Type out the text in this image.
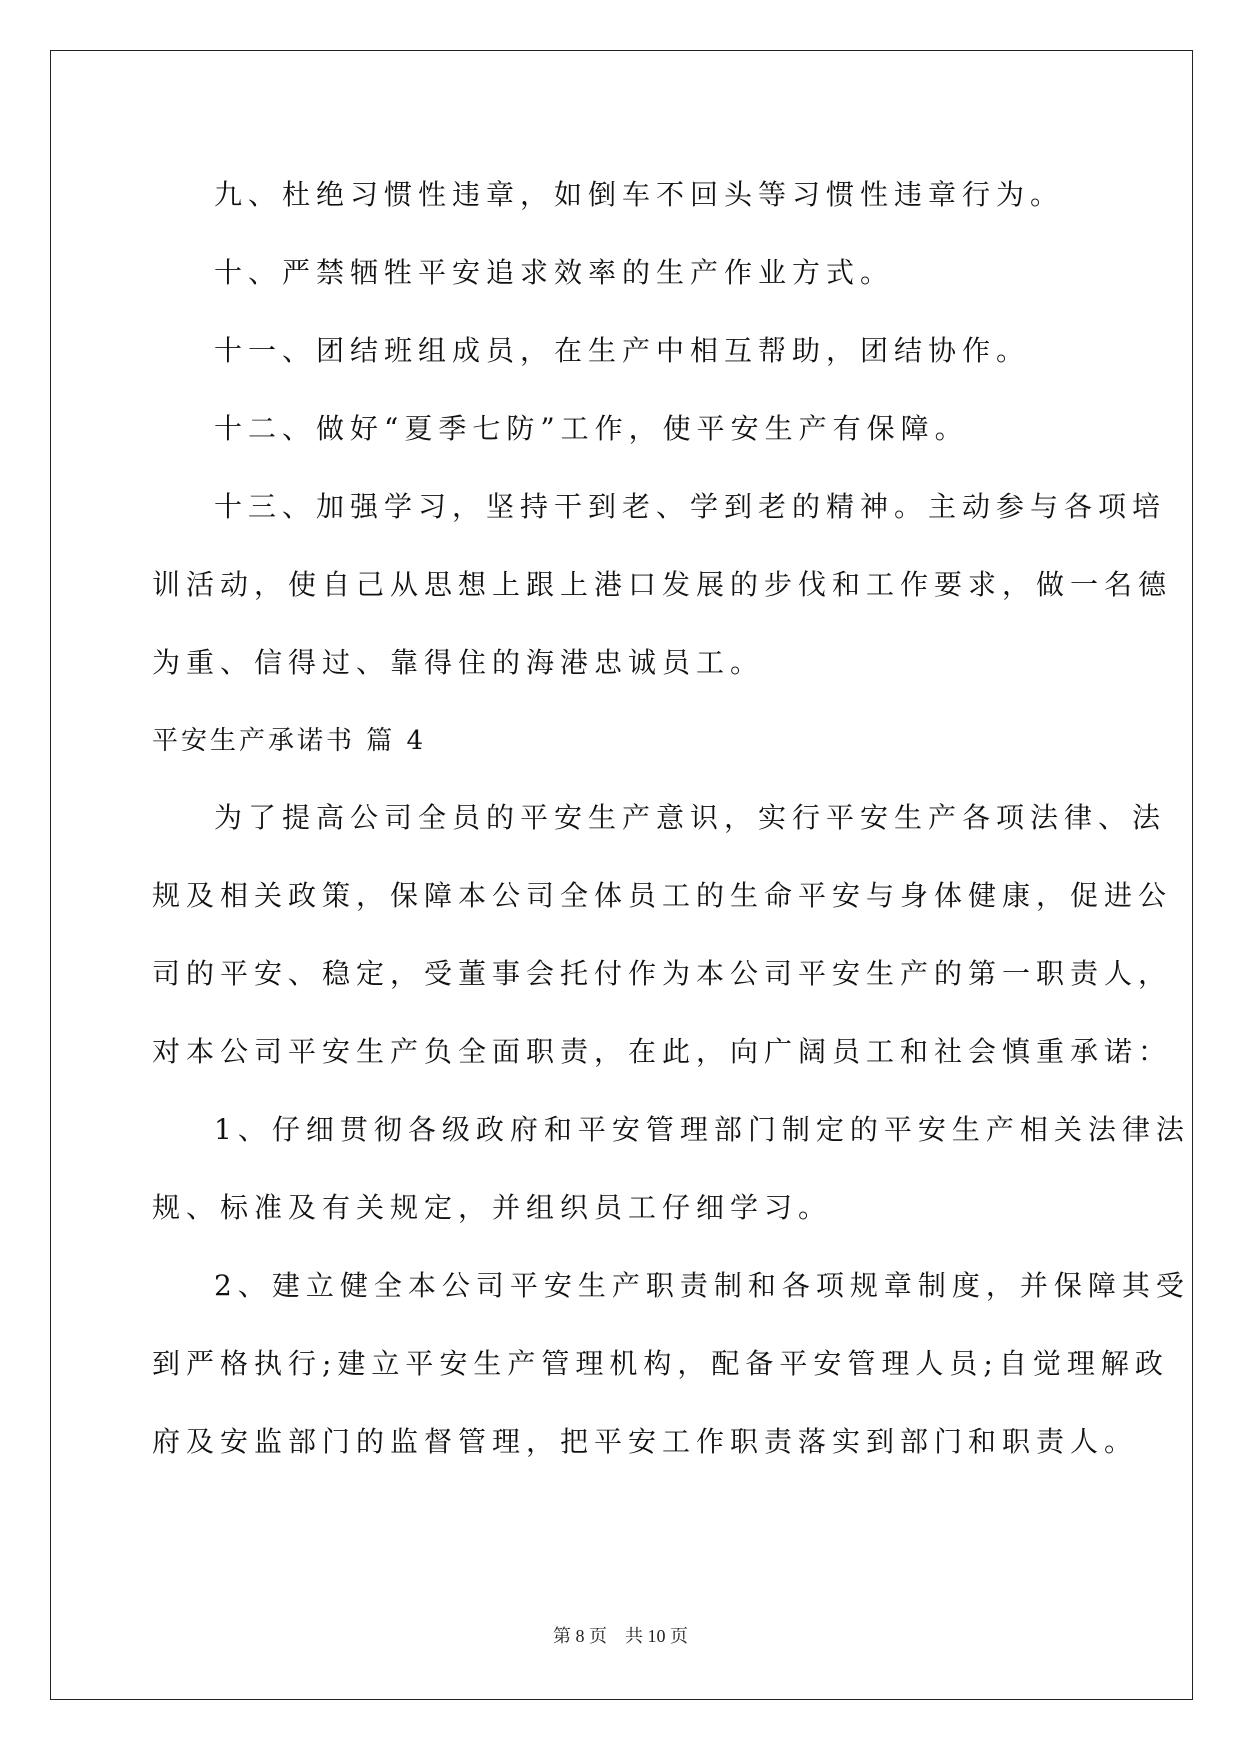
九、杜绝习惯性违章，如倒车不回头等习惯性违章行为。
十、严禁牺牲平安追求效率的生产作业方式。
十一、团结班组成员，在生产中相互帮助，团结协作。
十二、做好“夏季七防”工作，使平安生产有保障。
十三、加强学习，坚持干到老、学到老的精神。主动参与各项培
训活动，使自己从思想上跟上港口发展的步伐和工作要求，做一名德
为重、信得过、靠得住的海港忠诚员工。
平安生产承诺书 篇 4
为了提高公司全员的平安生产意识，实行平安生产各项法律、法
规及相关政策，保障本公司全体员工的生命平安与身体健康，促进公
司的平安、稳定，受董事会托付作为本公司平安生产的第一职责人，
对本公司平安生产负全面职责，在此，向广阔员工和社会慎重承诺：
1、仔细贯彻各级政府和平安管理部门制定的平安生产相关法律法
规、标准及有关规定，并组织员工仔细学习。
2、建立健全本公司平安生产职责制和各项规章制度，并保障其受
到严格执行;建立平安生产管理机构，配备平安管理人员;自觉理解政
府及安监部门的监督管理，把平安工作职责落实到部门和职责人。
第 8 页    共 10 页
